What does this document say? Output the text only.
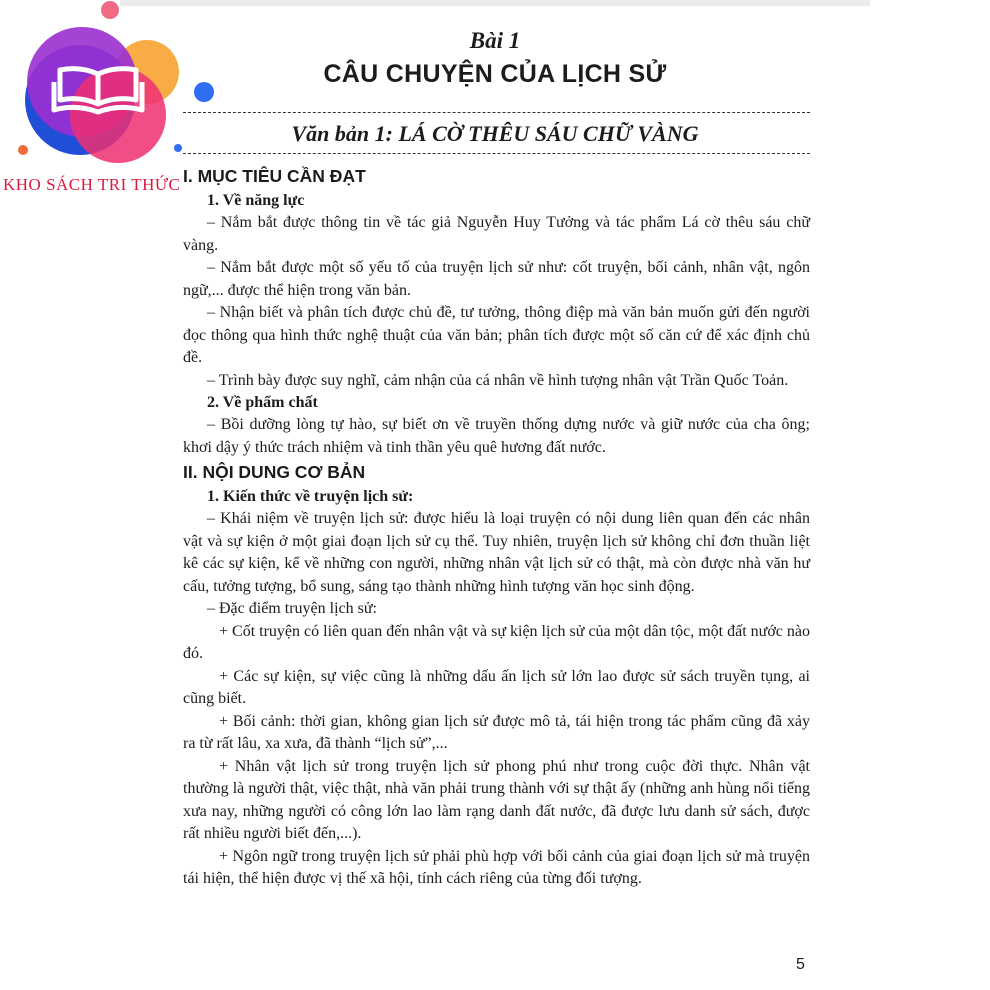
KHO SÁCH TRI THỨC

Bài 1
CÂU CHUYỆN CỦA LỊCH SỬ
Văn bản 1: LÁ CỜ THÊU SÁU CHỮ VÀNG
I. MỤC TIÊU CẦN ĐẠT
1. Về năng lực

– Nắm bắt được thông tin về tác giả Nguyễn Huy Tưởng và tác phẩm Lá cờ thêu sáu chữ vàng.

– Nắm bắt được một số yếu tố của truyện lịch sử như: cốt truyện, bối cảnh, nhân vật, ngôn ngữ,... được thể hiện trong văn bản.

– Nhận biết và phân tích được chủ đề, tư tưởng, thông điệp mà văn bản muốn gửi đến người đọc thông qua hình thức nghệ thuật của văn bản; phân tích được một số căn cứ để xác định chủ đề.

– Trình bày được suy nghĩ, cảm nhận của cá nhân về hình tượng nhân vật Trần Quốc Toản.

2. Về phẩm chất

– Bồi dưỡng lòng tự hào, sự biết ơn về truyền thống dựng nước và giữ nước của cha ông; khơi dậy ý thức trách nhiệm và tinh thần yêu quê hương đất nước.

II. NỘI DUNG CƠ BẢN
1. Kiến thức về truyện lịch sử:

– Khái niệm về truyện lịch sử: được hiểu là loại truyện có nội dung liên quan đến các nhân vật và sự kiện ở một giai đoạn lịch sử cụ thể. Tuy nhiên, truyện lịch sử không chỉ đơn thuần liệt kê các sự kiện, kể về những con người, những nhân vật lịch sử có thật, mà còn được nhà văn hư cấu, tưởng tượng, bổ sung, sáng tạo thành những hình tượng văn học sinh động.

– Đặc điểm truyện lịch sử:

+ Cốt truyện có liên quan đến nhân vật và sự kiện lịch sử của một dân tộc, một đất nước nào đó.

+ Các sự kiện, sự việc cũng là những dấu ấn lịch sử lớn lao được sử sách truyền tụng, ai cũng biết.

+ Bối cảnh: thời gian, không gian lịch sử được mô tả, tái hiện trong tác phẩm cũng đã xảy ra từ rất lâu, xa xưa, đã thành “lịch sử”,...

+ Nhân vật lịch sử trong truyện lịch sử phong phú như trong cuộc đời thực. Nhân vật thường là người thật, việc thật, nhà văn phải trung thành với sự thật ấy (những anh hùng nổi tiếng xưa nay, những người có công lớn lao làm rạng danh đất nước, đã được lưu danh sử sách, được rất nhiều người biết đến,...).

+ Ngôn ngữ trong truyện lịch sử phải phù hợp với bối cảnh của giai đoạn lịch sử mà truyện tái hiện, thể hiện được vị thế xã hội, tính cách riêng của từng đối tượng.

5
